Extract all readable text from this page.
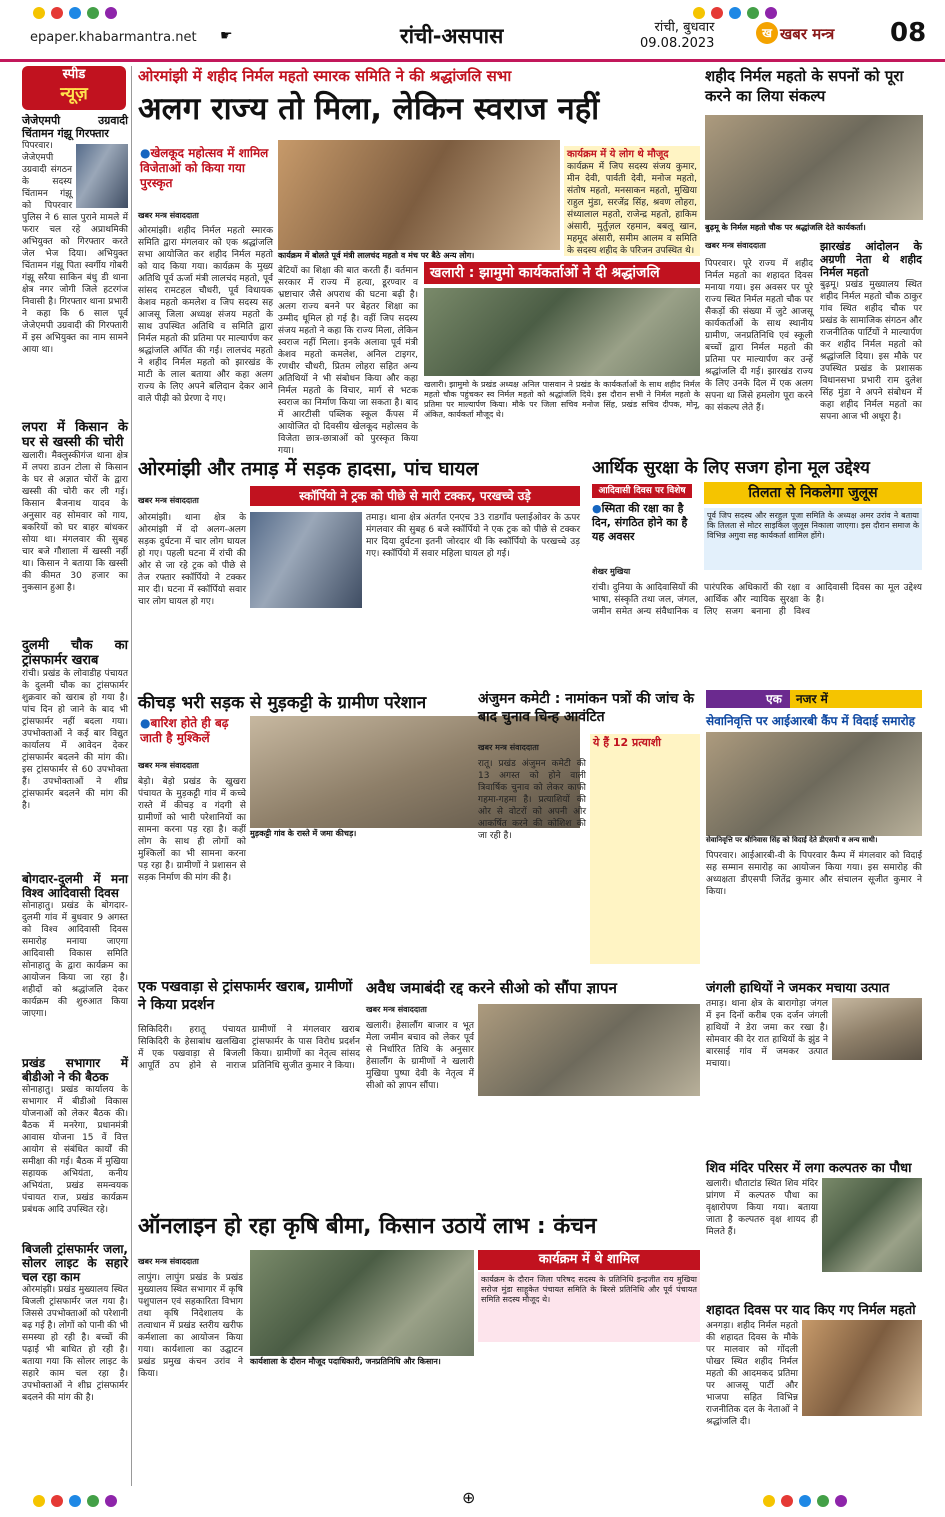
epaper.khabarmantra.net ☛	रांची-असपास	रांची, बुधवार
09.08.2023
ख खबर मन्त्र 08
स्पीड
न्यूज़
जेजेएमपी उग्रवादी चिंतामन गंझू गिरफ्तार
पिपरवार। जेजेएमपी उग्रवादी संगठन के सदस्य चिंतामन गंझू को पिपरवार पुलिस ने 6 साल पुराने मामले में फरार चल रहे अप्राथमिकी अभियुक्त को गिरफ्तार करते जेल भेज दिया। अभियुक्त चिंतामन गंझू पिता स्वर्गीय गोबरी गंझू सरैया साकिन बंधु डी थाना क्षेत्र नगर जोगी जिले हटरगंज निवासी है। गिरफ्तार थाना प्रभारी ने कहा कि 6 साल पूर्व जेजेएमपी उग्रवादी की गिरफ्तारी में इस अभियुक्त का नाम सामने आया था।
लपरा में किसान के घर से खस्सी की चोरी
खलारी। मैक्लुस्कीगंज थाना क्षेत्र में लपरा डाउन टोला से किसान के घर से अज्ञात चोरों के द्वारा खस्सी की चोरी कर ली गई। किसान बैजनाथ यादव के अनुसार वह सोमवार को गाय, बकरियों को घर बाहर बांधकर सोया था। मंगलवार की सुबह चार बजे गौशाला में खस्सी नहीं था। किसान ने बताया कि खस्सी की कीमत 30 हजार का नुकसान हुआ है।
दुलमी चौक का ट्रांसफार्मर खराब
रांची। प्रखंड के लोवाडीह पंचायत के दुलमी चौक का ट्रांसफार्मर शुक्रवार को खराब हो गया है। पांच दिन हो जाने के बाद भी ट्रांसफार्मर नहीं बदला गया। उपभोक्ताओं ने कई बार विद्युत कार्यालय में आवेदन देकर ट्रांसफार्मर बदलने की मांग की। इस ट्रांसफार्मर से 60 उपभोक्ता हैं। उपभोक्ताओं ने शीघ्र ट्रांसफार्मर बदलने की मांग की है।
बोगदार-दुलमी में मना विश्व आदिवासी दिवस
सोनाहातु। प्रखंड के बोगदार-दुलमी गांव में बुधवार 9 अगस्त को विश्व आदिवासी दिवस समारोह मनाया जाएगा आदिवासी विकास समिति सोनाहातु के द्वारा कार्यक्रम का आयोजन किया जा रहा है। शहीदों को श्रद्धांजलि देकर कार्यक्रम की शुरुआत किया जाएगा।
प्रखंड सभागार में बीडीओ ने की बैठक
सोनाहातु। प्रखंड कार्यालय के सभागार में बीडीओ विकास योजनाओं को लेकर बैठक की। बैठक में मनरेगा, प्रधानमंत्री आवास योजना 15 वें वित्त आयोग से संबंधित कार्यों की समीक्षा की गई। बैठक में मुखिया सहायक अभियंता, कनीय अभियंता, प्रखंड समन्वयक पंचायत राज, प्रखंड कार्यक्रम प्रबंधक आदि उपस्थित रहे।
बिजली ट्रांसफार्मर जला, सोलर लाइट के सहारे चल रहा काम
ओरमांझी। प्रखंड मुख्यालय स्थित बिजली ट्रांसफार्मर जल गया है। जिससे उपभोक्ताओं को परेशानी बढ़ गई है। लोगों को पानी की भी समस्या हो रही है। बच्चों की पढ़ाई भी बाधित हो रही है। बताया गया कि सोलर लाइट के सहारे काम चल रहा है। उपभोक्ताओं ने शीघ्र ट्रांसफार्मर बदलने की मांग की है।
ओरमांझी में शहीद निर्मल महतो स्मारक समिति ने की श्रद्धांजलि सभा
अलग राज्य तो मिला, लेकिन स्वराज नहीं
●खेलकूद महोत्सव में शामिल विजेताओं को किया गया पुरस्कृत
कार्यक्रम में बोलते पूर्व मंत्री लालचंद महतो व मंच पर बैठे अन्य लोग।
कार्यक्रम में ये लोग थे मौजूद
कार्यक्रम में जिप सदस्य संजय कुमार, मीन देवी, पार्वती देवी, मनोज महतो, संतोष महतो, मनसाकन महतो, मुखिया राहुल मुंडा, सरजेंद्र सिंह, श्रवण लोहरा, संध्यालाल महतो, राजेन्द्र महतो, हाकिम अंसारी, मुर्तुज़ल रहमान, बबलू खान, महमूद अंसारी, समीम आलम व समिति के सदस्य शहीद के परिजन उपस्थित थे।
खबर मन्त्र संवाददाता
ओरमांझी। शहीद निर्मल महतो स्मारक समिति द्वारा मंगलवार को एक श्रद्धांजलि सभा आयोजित कर शहीद निर्मल महतो को याद किया गया। कार्यक्रम के मुख्य अतिथि पूर्व ऊर्जा मंत्री लालचंद महतो, पूर्व सांसद रामटहल चौधरी, पूर्व विधायक केशव महतो कमलेश व जिप सदस्य सह आजसू जिला अध्यक्ष संजय महतो के साथ उपस्थित अतिथि व समिति द्वारा निर्मल महतो की प्रतिमा पर माल्यार्पण कर श्रद्धांजलि अर्पित की गई। लालचंद महतो ने शहीद निर्मल महतो को झारखंड के माटी के लाल बताया और कहा अलग राज्य के लिए अपने बलिदान देकर आने वाले पीढ़ी को प्रेरणा दे गए।
बेटियों का शिक्षा की बात करती हैं। वर्तमान सरकार में राज्य में हत्या, डूरण्वार व भ्रष्टाचार जैसे अपराध की घटना बढ़ी है। अलग राज्य बनने पर बेहतर शिक्षा का उम्मीद धूमिल हो गई है। वहीं जिप सदस्य संजय महतो ने कहा कि राज्य मिला, लेकिन स्वराज नहीं मिला। इनके अलावा पूर्व मंत्री केशव महतो कमलेश, अनिल टाइगर, रणधीर चौधरी, प्रितम लोहरा सहित अन्य अतिथियों ने भी संबोधन किया और कहा निर्मल महतो के विचार, मार्ग से भटक स्वराज का निर्माण किया जा सकता है। बाद में आरटीसी पब्लिक स्कूल कैंपस में आयोजित दो दिवसीय खेलकूद महोत्सव के विजेता छात्र-छात्राओं को पुरस्कृत किया गया।
खलारी : झामुमो कार्यकर्ताओं ने दी श्रद्धांजलि
खलारी। झामुमो के प्रखंड अध्यक्ष अनिल पासवान ने प्रखंड के कार्यकर्ताओं के साथ शहीद निर्मल महतो चौक पहुंचकर स्व निर्मल महतो को श्रद्धांजलि दिये। इस दौरान सभी ने निर्मल महतो के प्रतिमा पर माल्यार्पण किया। मौके पर जिला सचिव मनोज सिंह, प्रखंड सचिव दीपक, मोनू, अंकित, कार्यकर्ता मौजूद थे।
शहीद निर्मल महतो के सपनों को पूरा करने का लिया संकल्प
बुढ़मू के निर्मल महतो चौक पर श्रद्धांजलि देते कार्यकर्ता।
खबर मन्त्र संवाददाता
पिपरवार। पूरे राज्य में शहीद निर्मल महतो का शहादत दिवस मनाया गया। इस अवसर पर पूरे राज्य स्थित निर्मल महतो चौक पर सैकड़ों की संख्या में जुटे आजसू कार्यकर्ताओं के साथ स्थानीय ग्रामीण, जनप्रतिनिधि एवं स्कूली बच्चों द्वारा निर्मल महतो की प्रतिमा पर माल्यार्पण कर उन्हें श्रद्धांजलि दी गई। झारखंड राज्य के लिए उनके दिल में एक अलग सपना था जिसे हमलोग पूरा करने का संकल्प लेते हैं।
झारखंड आंदोलन के अग्रणी नेता थे शहीद निर्मल महतो
बुढ़मू। प्रखंड मुख्यालय स्थित शहीद निर्मल महतो चौक ठाकुर गांव स्थित शहीद चौक पर प्रखंड के सामाजिक संगठन और राजनीतिक पार्टियों ने माल्यार्पण कर शहीद निर्मल महतो को श्रद्धांजलि दिया। इस मौके पर उपस्थित प्रखंड के प्रशासक विधानसभा प्रभारी राम दुलेश सिंह मुंडा ने अपने संबोधन में कहा शहीद निर्मल महतो का सपना आज भी अधूरा है।
ओरमांझी और तमाड़ में सड़क हादसा, पांच घायल
स्कॉर्पियो ने ट्रक को पीछे से मारी टक्कर, परखच्चे उड़े
खबर मन्त्र संवाददाता
ओरमांझी। थाना क्षेत्र के ओरमांझी में दो अलग-अलग सड़क दुर्घटना में चार लोग घायल हो गए। पहली घटना में रांची की ओर से जा रहे ट्रक को पीछे से तेज रफ्तार स्कॉर्पियो ने टक्कर मार दी। घटना में स्कॉर्पियो सवार चार लोग घायल हो गए।
तमाड़। थाना क्षेत्र अंतर्गत एनएच 33 राडगाँव फ्लाईओवर के ऊपर मंगलवार की सुबह 6 बजे स्कॉर्पियो ने एक ट्रक को पीछे से टक्कर मार दिया दुर्घटना इतनी जोरदार थी कि स्कॉर्पियो के परखच्चे उड़ गए। स्कॉर्पियो में सवार महिला घायल हो गई।
आर्थिक सुरक्षा के लिए सजग होना मूल उद्देश्य
आदिवासी दिवस पर विशेष	तिलता से निकलेगा जुलूस
पूर्व जिप सदस्य और सरहुल पूजा समिति के अध्यक्ष अमर उरांव ने बताया कि तिलता से मोटर साइकिल जुलूस निकाला जाएगा। इस दौरान समाज के विभिन्न अगुवा सह कार्यकर्ता शामिल होंगे।
●स्मिता की रक्षा का है दिन, संगठित होने का है यह अवसर
शेखर मुखिया
रांची। दुनिया के आदिवासियों की भाषा, संस्कृति तथा जल, जंगल, जमीन समेत अन्य संवैधानिक व पारंपरिक अधिकारों की रक्षा व आर्थिक और न्यायिक सुरक्षा के लिए सजग बनाना ही विश्व आदिवासी दिवस का मूल उद्देश्य है।
कीचड़ भरी सड़क से मुड़कट्टी के ग्रामीण परेशान
●बारिश होते ही बढ़ जाती है मुश्किलें
मुड़कट्टी गांव के रास्ते में जमा कीचड़।
खबर मन्त्र संवाददाता
बेड़ो। बेड़ो प्रखंड के खुखरा पंचायत के मुड़कट्टी गांव में कच्चे रास्ते में कीचड़ व गंदगी से ग्रामीणों को भारी परेशानियों का सामना करना पड़ रहा है। कहीं लोग के साथ ही लोगों को मुश्किलों का भी सामना करना पड़ रहा है। ग्रामीणों ने प्रशासन से सड़क निर्माण की मांग की है।
अंजुमन कमेटी : नामांकन पत्रों की जांच के बाद चुनाव चिन्ह आवंटित
ये हैं 12 प्रत्याशी
खबर मन्त्र संवाददाता
रातू। प्रखंड अंजुमन कमेटी की 13 अगस्त को होने वाली त्रिवार्षिक चुनाव को लेकर काफी गहमा-गहमा है। प्रत्याशियों की ओर से वोटरों को अपनी ओर आकर्षित करने की कोशिश की जा रही है।
एक	नजर में
सेवानिवृत्ति पर आईआरबी कैंप में विदाई समारोह
सेवानिवृत्ति पर श्रीनिवास सिंह को विदाई देते डीएसपी व अन्य साथी।
पिपरवार। आईआरबी-वी के पिपरवार कैम्प में मंगलवार को विदाई सह सम्मान समारोह का आयोजन किया गया। इस समारोह की अध्यक्षता डीएसपी जितेंद्र कुमार और संचालन सूजीत कुमार ने किया।
जंगली हाथियों ने जमकर मचाया उत्पात
तमाड़। थाना क्षेत्र के बारागोड़ा जंगल में इन दिनों करीब एक दर्जन जंगली हाथियों ने डेरा जमा कर रखा है। सोमवार की देर रात हाथियों के झुंड ने बारसाई गांव में जमकर उत्पात मचाया।
शिव मंदिर परिसर में लगा कल्पतरु का पौधा
खलारी। धौताटांड स्थित शिव मंदिर प्रांगण में कल्पतरु पौधा का वृक्षारोपण किया गया। बताया जाता है कल्पतरु वृक्ष शायद ही मिलते हैं।
शहादत दिवस पर याद किए गए निर्मल महतो
अनगड़ा। शहीद निर्मल महतो की शहादत दिवस के मौके पर मालवार को गोंदली पोखर स्थित शहीद निर्मल महतो की आदमकद प्रतिमा पर आजसू पार्टी और भाजपा सहित विभिन्न राजनीतिक दल के नेताओं ने श्रद्धांजलि दी।
एक पखवाड़ा से ट्रांसफार्मर खराब, ग्रामीणों ने किया प्रदर्शन
सिकिदिरी। हरातू पंचायत सिकिदिरी के हेसाबांध खलखिवा में एक पखवाड़ा से बिजली आपूर्ति ठप होने से नाराज ग्रामीणों ने मंगलवार खराब ट्रांसफार्मर के पास विरोध प्रदर्शन किया। ग्रामीणों का नेतृत्व सांसद प्रतिनिधि सुजीत कुमार ने किया।
अवैध जमाबंदी रद्द करने सीओ को सौंपा ज्ञापन
खबर मन्त्र संवाददाता
खलारी। हेसालौंग बाजार व भूत मेला जमीन बचाव को लेकर पूर्व से निर्धारित तिथि के अनुसार हेसालौंग के ग्रामीणों ने खलारी मुखिया पुष्पा देवी के नेतृत्व में सीओ को ज्ञापन सौंपा।
ऑनलाइन हो रहा कृषि बीमा, किसान उठायें लाभ : कंचन
खबर मन्त्र संवाददाता
लापुंग। लापुंग प्रखंड के प्रखंड मुख्यालय स्थित सभागार में कृषि पशुपालन एवं सहकारिता विभाग तथा कृषि निदेशालय के तत्वाधान में प्रखंड स्तरीय खरीफ कर्मशाला का आयोजन किया गया। कार्यशाला का उद्घाटन प्रखंड प्रमुख कंचन उरांव ने किया।
कार्यशाला के दौरान मौजूद पदाधिकारी, जनप्रतिनिधि और किसान।
कार्यक्रम में थे शामिल
कार्यक्रम के दौरान जिला परिषद सदस्य के प्रतिनिधि इन्द्रजीत राय मुखिया सरोज मुंडा साहूकेत पंचायत समिति के बिरसे प्रतिनिधि और पूर्व पंचायत समिति सदस्य मौजूद थे।
⊕
